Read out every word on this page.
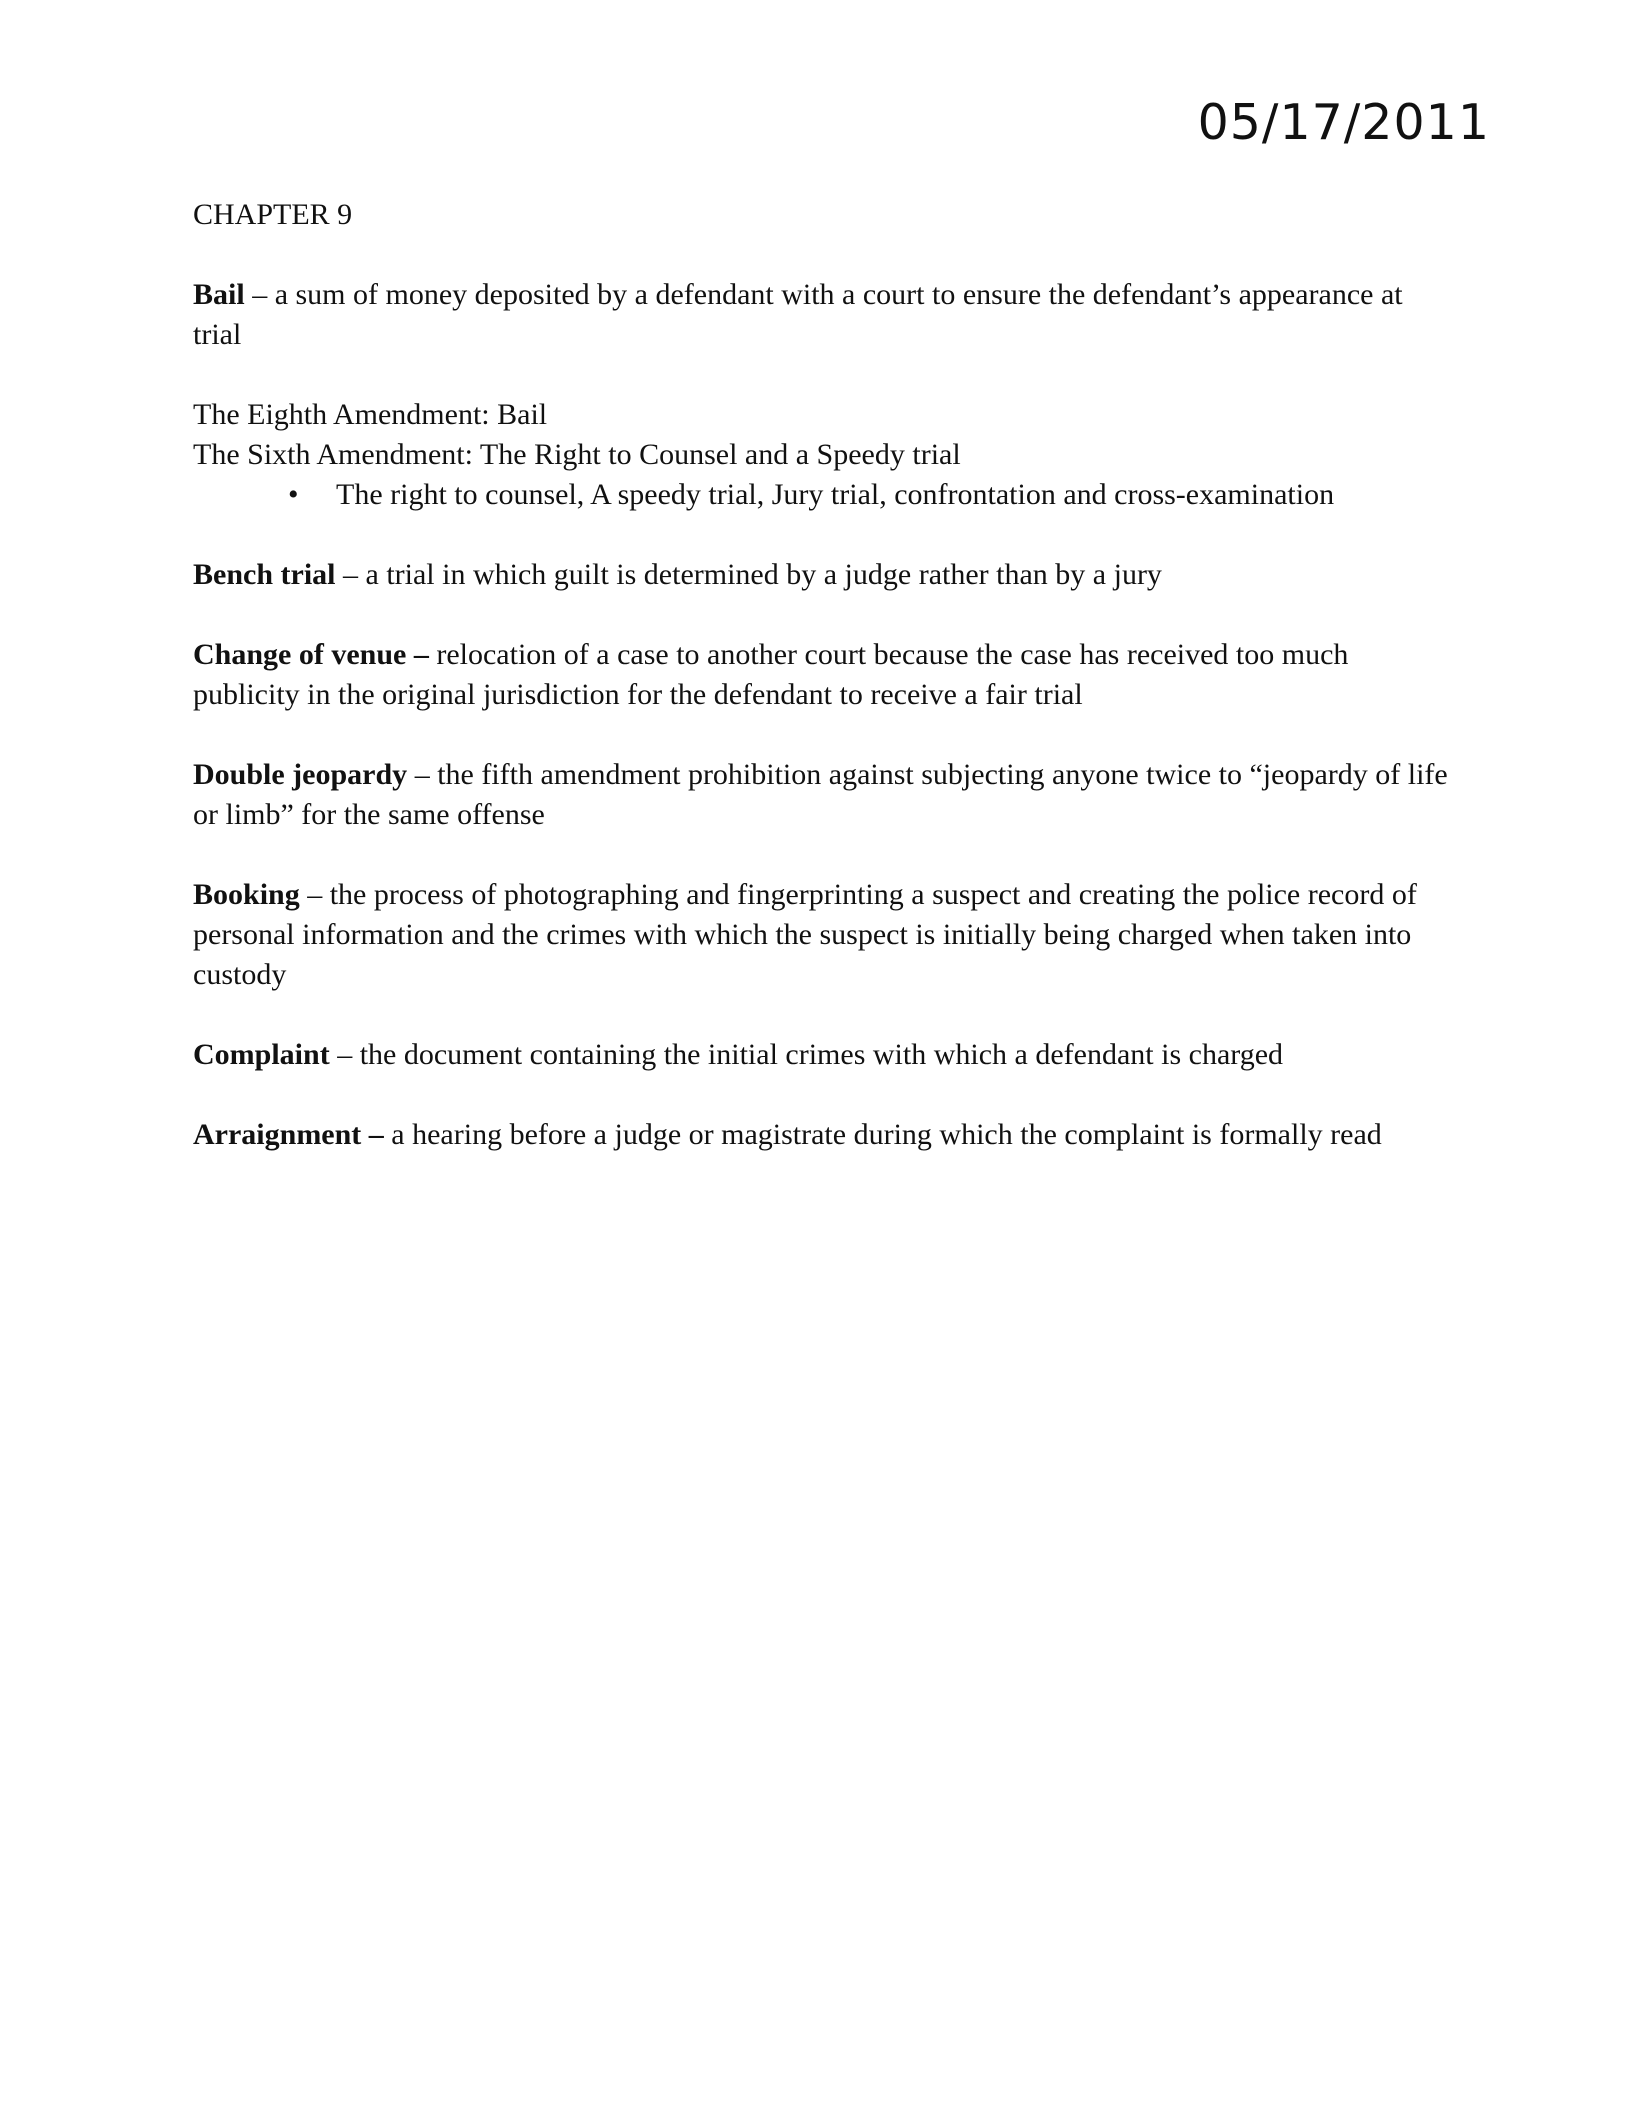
05/17/2011

CHAPTER 9

Bail – a sum of money deposited by a defendant with a court to ensure the defendant’s appearance at trial

The Eighth Amendment: Bail

The Sixth Amendment: The Right to Counsel and a Speedy trial

• The right to counsel, A speedy trial, Jury trial, confrontation and cross-examination

Bench trial – a trial in which guilt is determined by a judge rather than by a jury

Change of venue – relocation of a case to another court because the case has received too much publicity in the original jurisdiction for the defendant to receive a fair trial

Double jeopardy – the fifth amendment prohibition against subjecting anyone twice to “jeopardy of life or limb” for the same offense

Booking – the process of photographing and fingerprinting a suspect and creating the police record of personal information and the crimes with which the suspect is initially being charged when taken into custody

Complaint – the document containing the initial crimes with which a defendant is charged

Arraignment – a hearing before a judge or magistrate during which the complaint is formally read
